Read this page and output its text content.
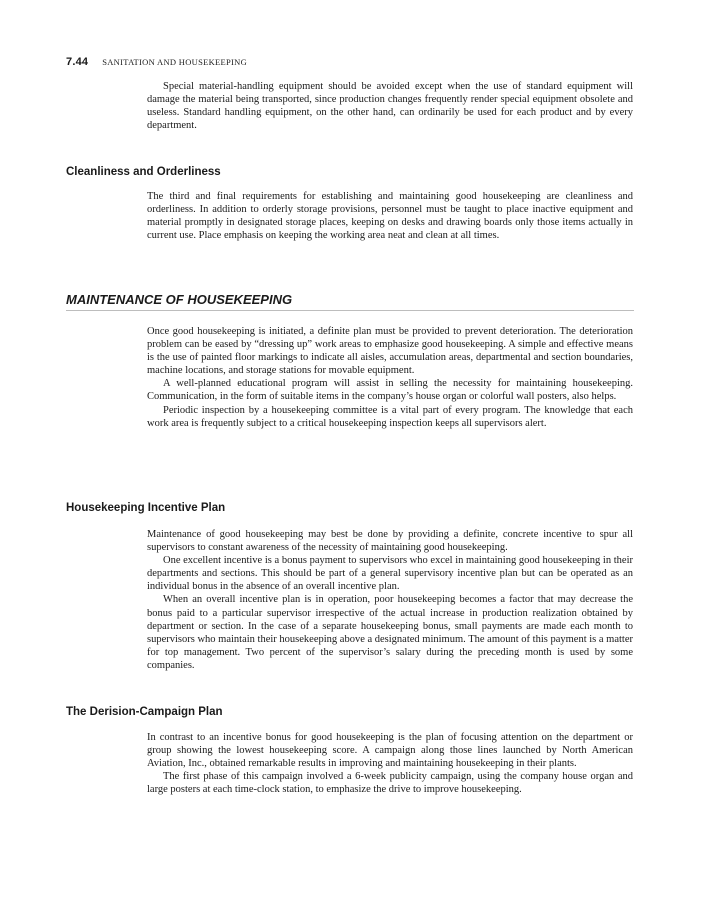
7.44 SANITATION AND HOUSEKEEPING

Special material-handling equipment should be avoided except when the use of standard equipment will damage the material being transported, since production changes frequently render special equipment obsolete and useless. Standard handling equipment, on the other hand, can ordinarily be used for each product and by every department.

Cleanliness and Orderliness

The third and final requirements for establishing and maintaining good housekeeping are cleanliness and orderliness. In addition to orderly storage provisions, personnel must be taught to place inactive equipment and material promptly in designated storage places, keeping on desks and drawing boards only those items actually in current use. Place emphasis on keeping the working area neat and clean at all times.

MAINTENANCE OF HOUSEKEEPING

Once good housekeeping is initiated, a definite plan must be provided to prevent deterioration. The deterioration problem can be eased by “dressing up” work areas to emphasize good housekeeping. A simple and effective means is the use of painted floor markings to indicate all aisles, accumulation areas, departmental and section boundaries, machine locations, and storage stations for movable equipment.

A well-planned educational program will assist in selling the necessity for maintaining housekeeping. Communication, in the form of suitable items in the company’s house organ or colorful wall posters, also helps.

Periodic inspection by a housekeeping committee is a vital part of every program. The knowledge that each work area is frequently subject to a critical housekeeping inspection keeps all supervisors alert.

Housekeeping Incentive Plan

Maintenance of good housekeeping may best be done by providing a definite, concrete incentive to spur all supervisors to constant awareness of the necessity of maintaining good housekeeping.

One excellent incentive is a bonus payment to supervisors who excel in maintaining good housekeeping in their departments and sections. This should be part of a general supervisory incentive plan but can be operated as an individual bonus in the absence of an overall incentive plan.

When an overall incentive plan is in operation, poor housekeeping becomes a factor that may decrease the bonus paid to a particular supervisor irrespective of the actual increase in production realization obtained by department or section. In the case of a separate housekeeping bonus, small payments are made each month to supervisors who maintain their housekeeping above a designated minimum. The amount of this payment is a matter for top management. Two percent of the supervisor’s salary during the preceding month is used by some companies.

The Derision-Campaign Plan

In contrast to an incentive bonus for good housekeeping is the plan of focusing attention on the department or group showing the lowest housekeeping score. A campaign along those lines launched by North American Aviation, Inc., obtained remarkable results in improving and maintaining housekeeping in their plants.

The first phase of this campaign involved a 6-week publicity campaign, using the company house organ and large posters at each time-clock station, to emphasize the drive to improve housekeeping.
